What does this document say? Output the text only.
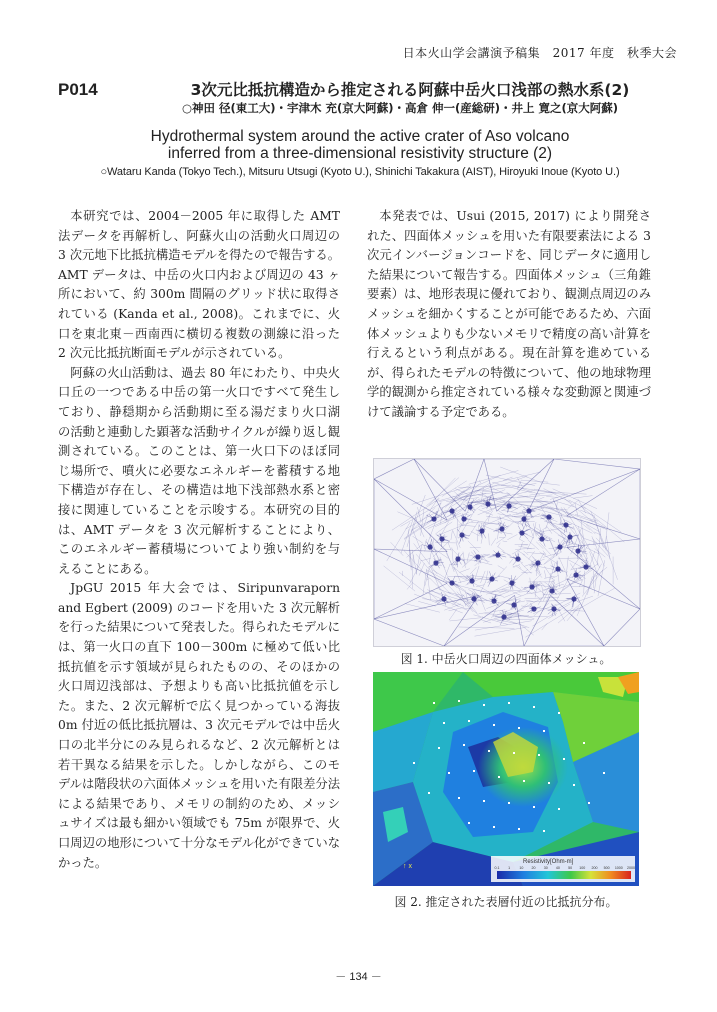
日本火山学会講演予稿集　2017 年度　秋季大会
P014	3次元比抵抗構造から推定される阿蘇中岳火口浅部の熱水系(2)
○神田 径(東工大)・宇津木 充(京大阿蘇)・高倉 伸一(産総研)・井上 寛之(京大阿蘇)
Hydrothermal system around the active crater of Aso volcano
inferred from a three-dimensional resistivity structure (2)
○Wataru Kanda (Tokyo Tech.), Mitsuru Utsugi (Kyoto U.), Shinichi Takakura (AIST), Hiroyuki Inoue (Kyoto U.)

本研究では、2004－2005 年に取得した AMT 法データを再解析し、阿蘇火山の活動火口周辺の 3 次元地下比抵抗構造モデルを得たので報告する。AMT データは、中岳の火口内および周辺の 43 ヶ所において、約 300m 間隔のグリッド状に取得されている (Kanda et al., 2008)。これまでに、火口を東北東－西南西に横切る複数の測線に沿った 2 次元比抵抗断面モデルが示されている。

阿蘇の火山活動は、過去 80 年にわたり、中央火口丘の一つである中岳の第一火口ですべて発生しており、静穏期から活動期に至る湯だまり火口湖の活動と連動した顕著な活動サイクルが繰り返し観測されている。このことは、第一火口下のほぼ同じ場所で、噴火に必要なエネルギーを蓄積する地下構造が存在し、その構造は地下浅部熱水系と密接に関連していることを示唆する。本研究の目的は、AMT データを 3 次元解析することにより、このエネルギー蓄積場についてより強い制約を与えることにある。

JpGU 2015 年大会では、Siripunvaraporn and Egbert (2009) のコードを用いた 3 次元解析を行った結果について発表した。得られたモデルには、第一火口の直下 100－300m に極めて低い比抵抗値を示す領域が見られたものの、そのほかの火口周辺浅部は、予想よりも高い比抵抗値を示した。また、2 次元解析で広く見つかっている海抜 0m 付近の低比抵抗層は、3 次元モデルでは中岳火口の北半分にのみ見られるなど、2 次元解析とは若干異なる結果を示した。しかしながら、このモデルは階段状の六面体メッシュを用いた有限差分法による結果であり、メモリの制約のため、メッシュサイズは最も細かい領域でも 75m が限界で、火口周辺の地形について十分なモデル化ができていなかった。

本発表では、Usui (2015, 2017) により開発された、四面体メッシュを用いた有限要素法による 3 次元インバージョンコードを、同じデータに適用した結果について報告する。四面体メッシュ（三角錐要素）は、地形表現に優れており、観測点周辺のみメッシュを細かくすることが可能であるため、六面体メッシュよりも少ないメモリで精度の高い計算を行えるという利点がある。現在計算を進めているが、得られたモデルの特徴について、他の地球物理学的観測から推定されている様々な変動源と関連づけて議論する予定である。

図 1. 中岳火口周辺の四面体メッシュ。
Resistivity[Ohm-m]
0.1 1	10 20 30 40 50 100 200 500 1000 2000
↑ x
図 2. 推定された表層付近の比抵抗分布。
－ 134 －
